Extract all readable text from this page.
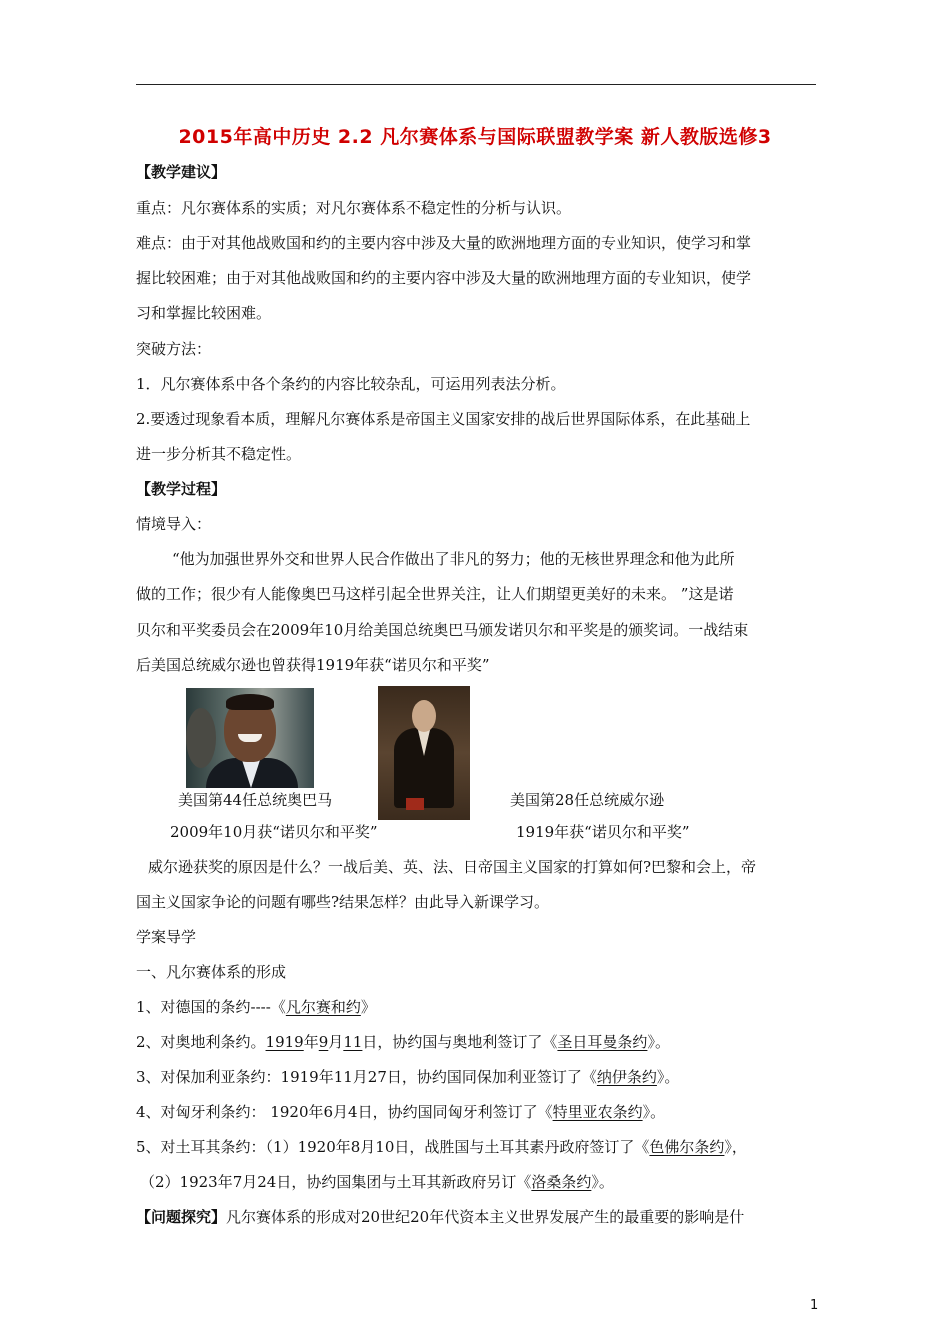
2015年高中历史 2.2 凡尔赛体系与国际联盟教学案 新人教版选修3
【教学建议】
重点：凡尔赛体系的实质；对凡尔赛体系不稳定性的分析与认识。
难点：由于对其他战败国和约的主要内容中涉及大量的欧洲地理方面的专业知识，使学习和掌
握比较困难；由于对其他战败国和约的主要内容中涉及大量的欧洲地理方面的专业知识，使学
习和掌握比较困难。
突破方法：
1．凡尔赛体系中各个条约的内容比较杂乱，可运用列表法分析。
2.要透过现象看本质，理解凡尔赛体系是帝国主义国家安排的战后世界国际体系，在此基础上
进一步分析其不稳定性。
【教学过程】
情境导入：
“他为加强世界外交和世界人民合作做出了非凡的努力；他的无核世界理念和他为此所
做的工作；很少有人能像奥巴马这样引起全世界关注，让人们期望更美好的未来。 ”这是诺
贝尔和平奖委员会在2009年10月给美国总统奥巴马颁发诺贝尔和平奖是的颁奖词。一战结束
后美国总统威尔逊也曾获得1919年获“诺贝尔和平奖”
美国第44任总统奥巴马	美国第28任总统威尔逊
2009年10月获“诺贝尔和平奖”	1919年获“诺贝尔和平奖”
威尔逊获奖的原因是什么？一战后美、英、法、日帝国主义国家的打算如何?巴黎和会上，帝
国主义国家争论的问题有哪些?结果怎样？由此导入新课学习。
学案导学
一、凡尔赛体系的形成
1、对德国的条约----《凡尔赛和约》
2、对奥地利条约。1919年9月11日，协约国与奥地利签订了《圣日耳曼条约》。
3、对保加利亚条约：1919年11月27日，协约国同保加利亚签订了《纳伊条约》。
4、对匈牙利条约： 1920年6月4日，协约国同匈牙利签订了《特里亚农条约》。
5、对土耳其条约：（1）1920年8月10日，战胜国与土耳其素丹政府签订了《色佛尔条约》，
（2）1923年7月24日，协约国集团与土耳其新政府另订《洛桑条约》。
【问题探究】凡尔赛体系的形成对20世纪20年代资本主义世界发展产生的最重要的影响是什
1
